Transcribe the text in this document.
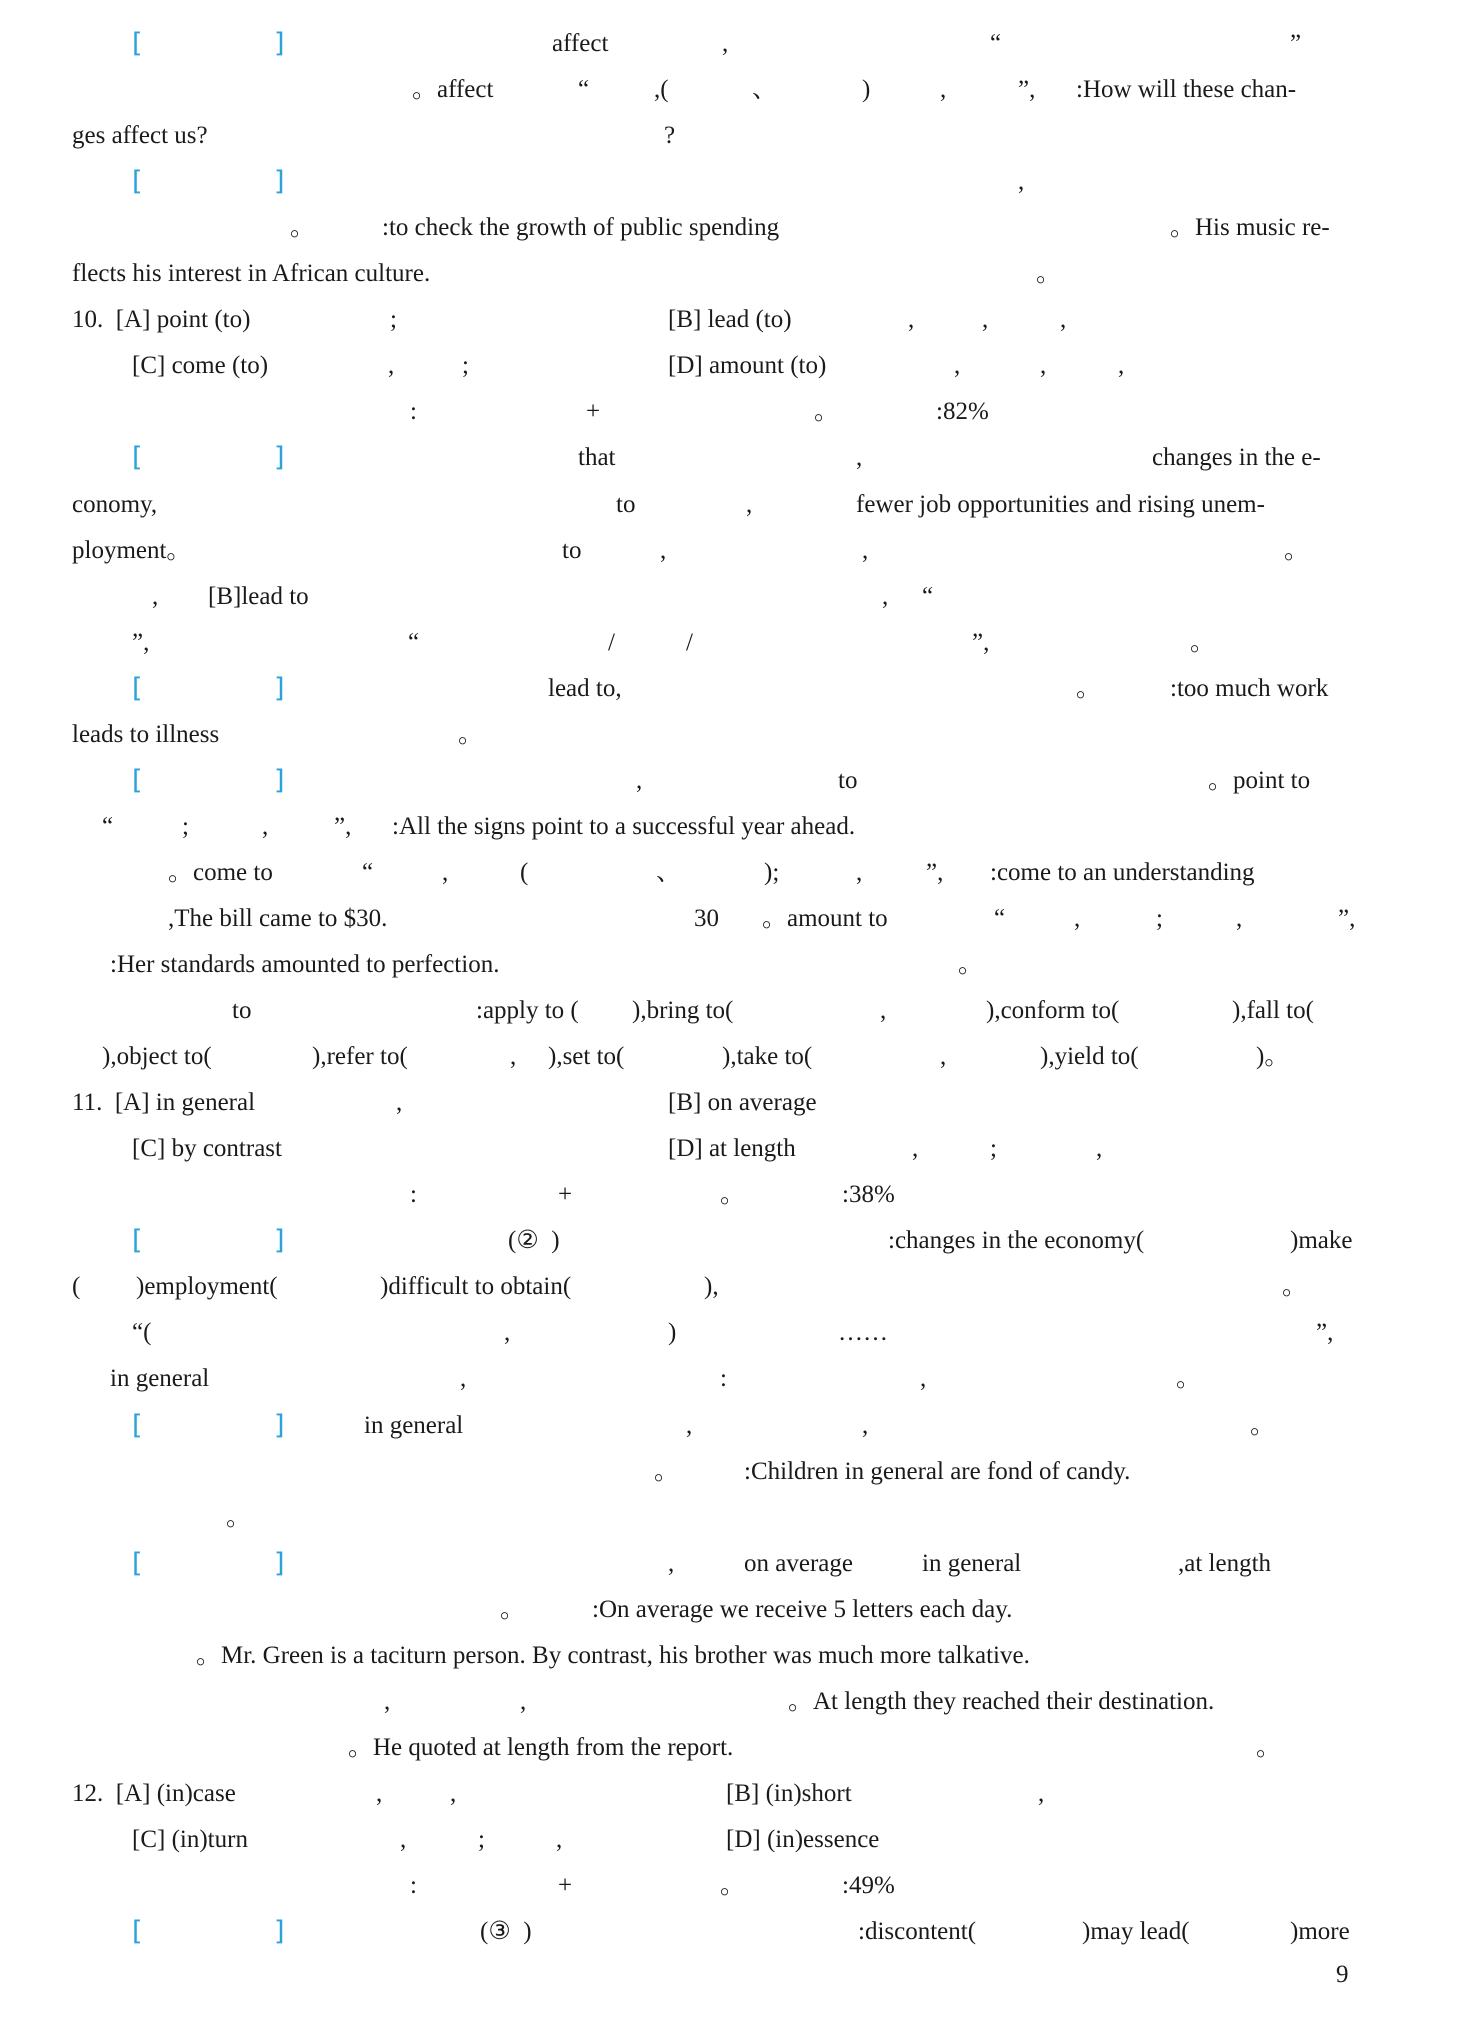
[	]	affect	,	“	”
。affect	“	,(	、	)	,	”, :How will these chan-
ges affect us?	?
[	]	,
。	:to check the growth of public spending	。His music re-
flects his interest in African culture.	。
10.  [A] point (to)	;	[B] lead (to)	,	,	,
[C] come (to)	,	;	[D] amount (to)	,	,	,
:	+	。	:82%
[	]	that	,	changes in the e-
conomy,	to	,	fewer job opportunities and rising unem-
ployment。	to	,	,	。
, [B]lead to	, “
”,	“	/	/	”,	。
[	]	lead to,	。	:too much work
leads to illness	。
[	]	,	to	。point to
“	;	,	”, :All the signs point to a successful year ahead.
。come to	“	,	(	、	);	,	”, :come to an understanding
,The bill came to $30.	30 。amount to	“	,	;	,	”,
:Her standards amounted to perfection.	。
to	:apply to ( ),bring to(	,	),conform to(	),fall to(
),object to(	),refer to(	, ),set to(	),take to(	,	),yield to(	)。
11.  [A] in general	,	[B] on average
[C] by contrast	[D] at length	,	;	,
:	+	。	:38%
[	]	(②  )	:changes in the economy(	)make
( )employment(	)difficult to obtain(	),	。
“(	,	)	……	”,
in general	,	:	,	。
[	]	in general	,	,	。
。	:Children in general are fond of candy.
。
[	]	,	on average	in general	,at length
。	:On average we receive 5 letters each day.
。Mr. Green is a taciturn person. By contrast, his brother was much more talkative.
,	,	。At length they reached their destination.
。He quoted at length from the report.	。
12.  [A] (in)case	,	,	[B] (in)short	,
[C] (in)turn	,	;	,	[D] (in)essence
:	+	。	:49%
[	]	(③  )	:discontent(	)may lead(	)more
9
